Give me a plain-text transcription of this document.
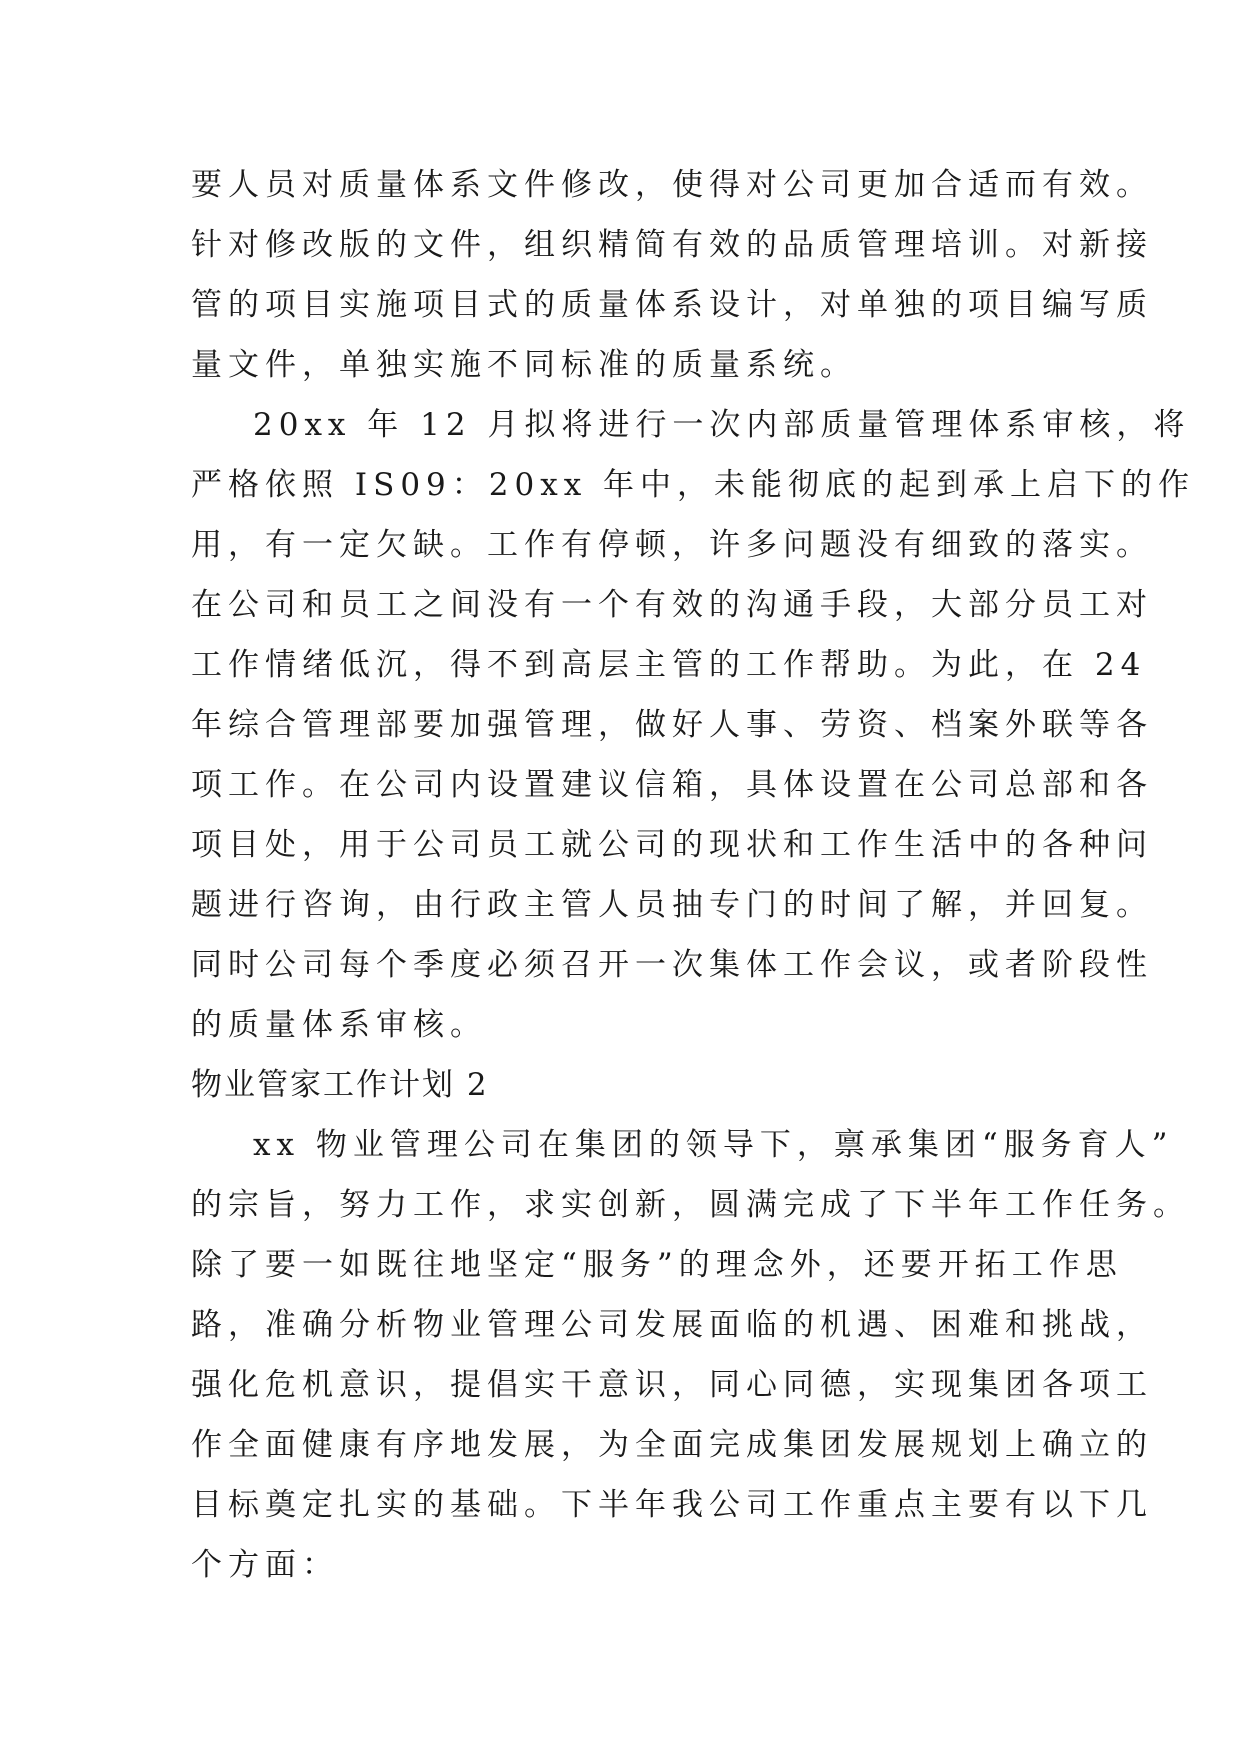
要人员对质量体系文件修改，使得对公司更加合适而有效。
针对修改版的文件，组织精简有效的品质管理培训。对新接
管的项目实施项目式的质量体系设计，对单独的项目编写质
量文件，单独实施不同标准的质量系统。
20xx 年 12 月拟将进行一次内部质量管理体系审核，将
严格依照 IS09：20xx 年中，未能彻底的起到承上启下的作
用，有一定欠缺。工作有停顿，许多问题没有细致的落实。
在公司和员工之间没有一个有效的沟通手段，大部分员工对
工作情绪低沉，得不到高层主管的工作帮助。为此，在 24
年综合管理部要加强管理，做好人事、劳资、档案外联等各
项工作。在公司内设置建议信箱，具体设置在公司总部和各
项目处，用于公司员工就公司的现状和工作生活中的各种问
题进行咨询，由行政主管人员抽专门的时间了解，并回复。
同时公司每个季度必须召开一次集体工作会议，或者阶段性
的质量体系审核。
物业管家工作计划 2
xx 物业管理公司在集团的领导下，禀承集团“服务育人”
的宗旨，努力工作，求实创新，圆满完成了下半年工作任务。
除了要一如既往地坚定“服务”的理念外，还要开拓工作思
路，准确分析物业管理公司发展面临的机遇、困难和挑战，
强化危机意识，提倡实干意识，同心同德，实现集团各项工
作全面健康有序地发展，为全面完成集团发展规划上确立的
目标奠定扎实的基础。下半年我公司工作重点主要有以下几
个方面：
